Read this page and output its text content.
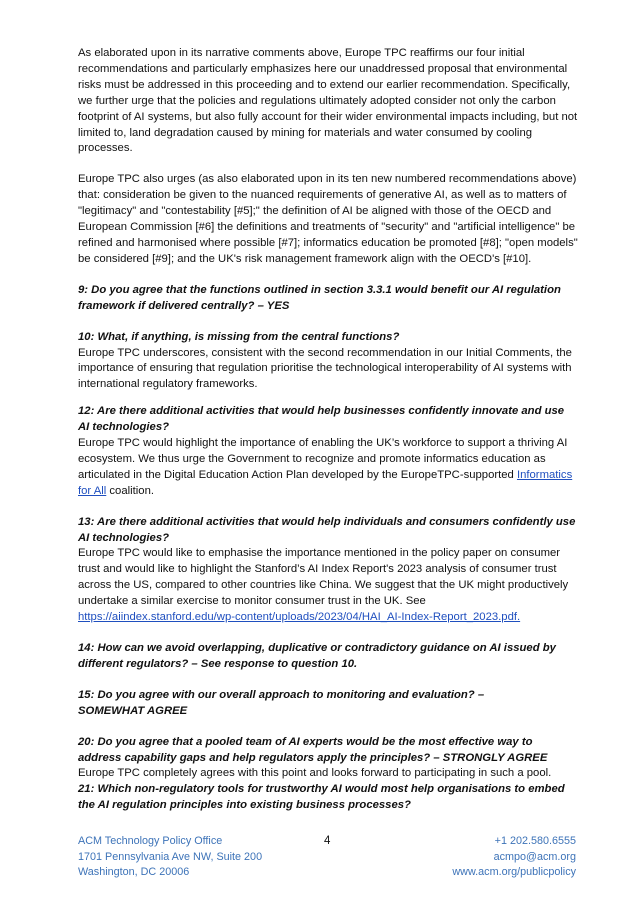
As elaborated upon in its narrative comments above, Europe TPC reaffirms our four initial recommendations and particularly emphasizes here our unaddressed proposal that environmental risks must be addressed in this proceeding and to extend our earlier recommendation. Specifically, we further urge that the policies and regulations ultimately adopted consider not only the carbon footprint of AI systems, but also fully account for their wider environmental impacts including, but not limited to, land degradation caused by mining for materials and water consumed by cooling processes.

Europe TPC also urges (as also elaborated upon in its ten new numbered recommendations above) that: consideration be given to the nuanced requirements of generative AI, as well as to matters of "legitimacy" and "contestability [#5];" the definition of AI be aligned with those of the OECD and European Commission [#6] the definitions and treatments of "security" and "artificial intelligence" be refined and harmonised where possible [#7]; informatics education be promoted [#8]; "open models" be considered [#9]; and the UK's risk management framework align with the OECD's [#10].

9: Do you agree that the functions outlined in section 3.3.1 would benefit our AI regulation framework if delivered centrally? – YES

10: What, if anything, is missing from the central functions?

Europe TPC underscores, consistent with the second recommendation in our Initial Comments, the importance of ensuring that regulation prioritise the technological interoperability of AI systems with international regulatory frameworks.

12: Are there additional activities that would help businesses confidently innovate and use AI technologies?

Europe TPC would highlight the importance of enabling the UK’s workforce to support a thriving AI ecosystem. We thus urge the Government to recognize and promote informatics education as articulated in the Digital Education Action Plan developed by the EuropeTPC-supported Informatics for All coalition.

13: Are there additional activities that would help individuals and consumers confidently use AI technologies?

Europe TPC would like to emphasise the importance mentioned in the policy paper on consumer trust and would like to highlight the Stanford’s AI Index Report's 2023 analysis of consumer trust across the US, compared to other countries like China. We suggest that the UK might productively undertake a similar exercise to monitor consumer trust in the UK. See https://aiindex.stanford.edu/wp-content/uploads/2023/04/HAI_AI-Index-Report_2023.pdf.

14: How can we avoid overlapping, duplicative or contradictory guidance on AI issued by different regulators? – See response to question 10.

15: Do you agree with our overall approach to monitoring and evaluation? –
SOMEWHAT AGREE

20: Do you agree that a pooled team of AI experts would be the most effective way to address capability gaps and help regulators apply the principles? – STRONGLY AGREE

Europe TPC completely agrees with this point and looks forward to participating in such a pool.

21: Which non-regulatory tools for trustworthy AI would most help organisations to embed the AI regulation principles into existing business processes?

ACM Technology Policy Office
1701 Pennsylvania Ave NW, Suite 200
Washington, DC 20006
4	+1 202.580.6555
acmpo@acm.org
www.acm.org/publicpolicy
